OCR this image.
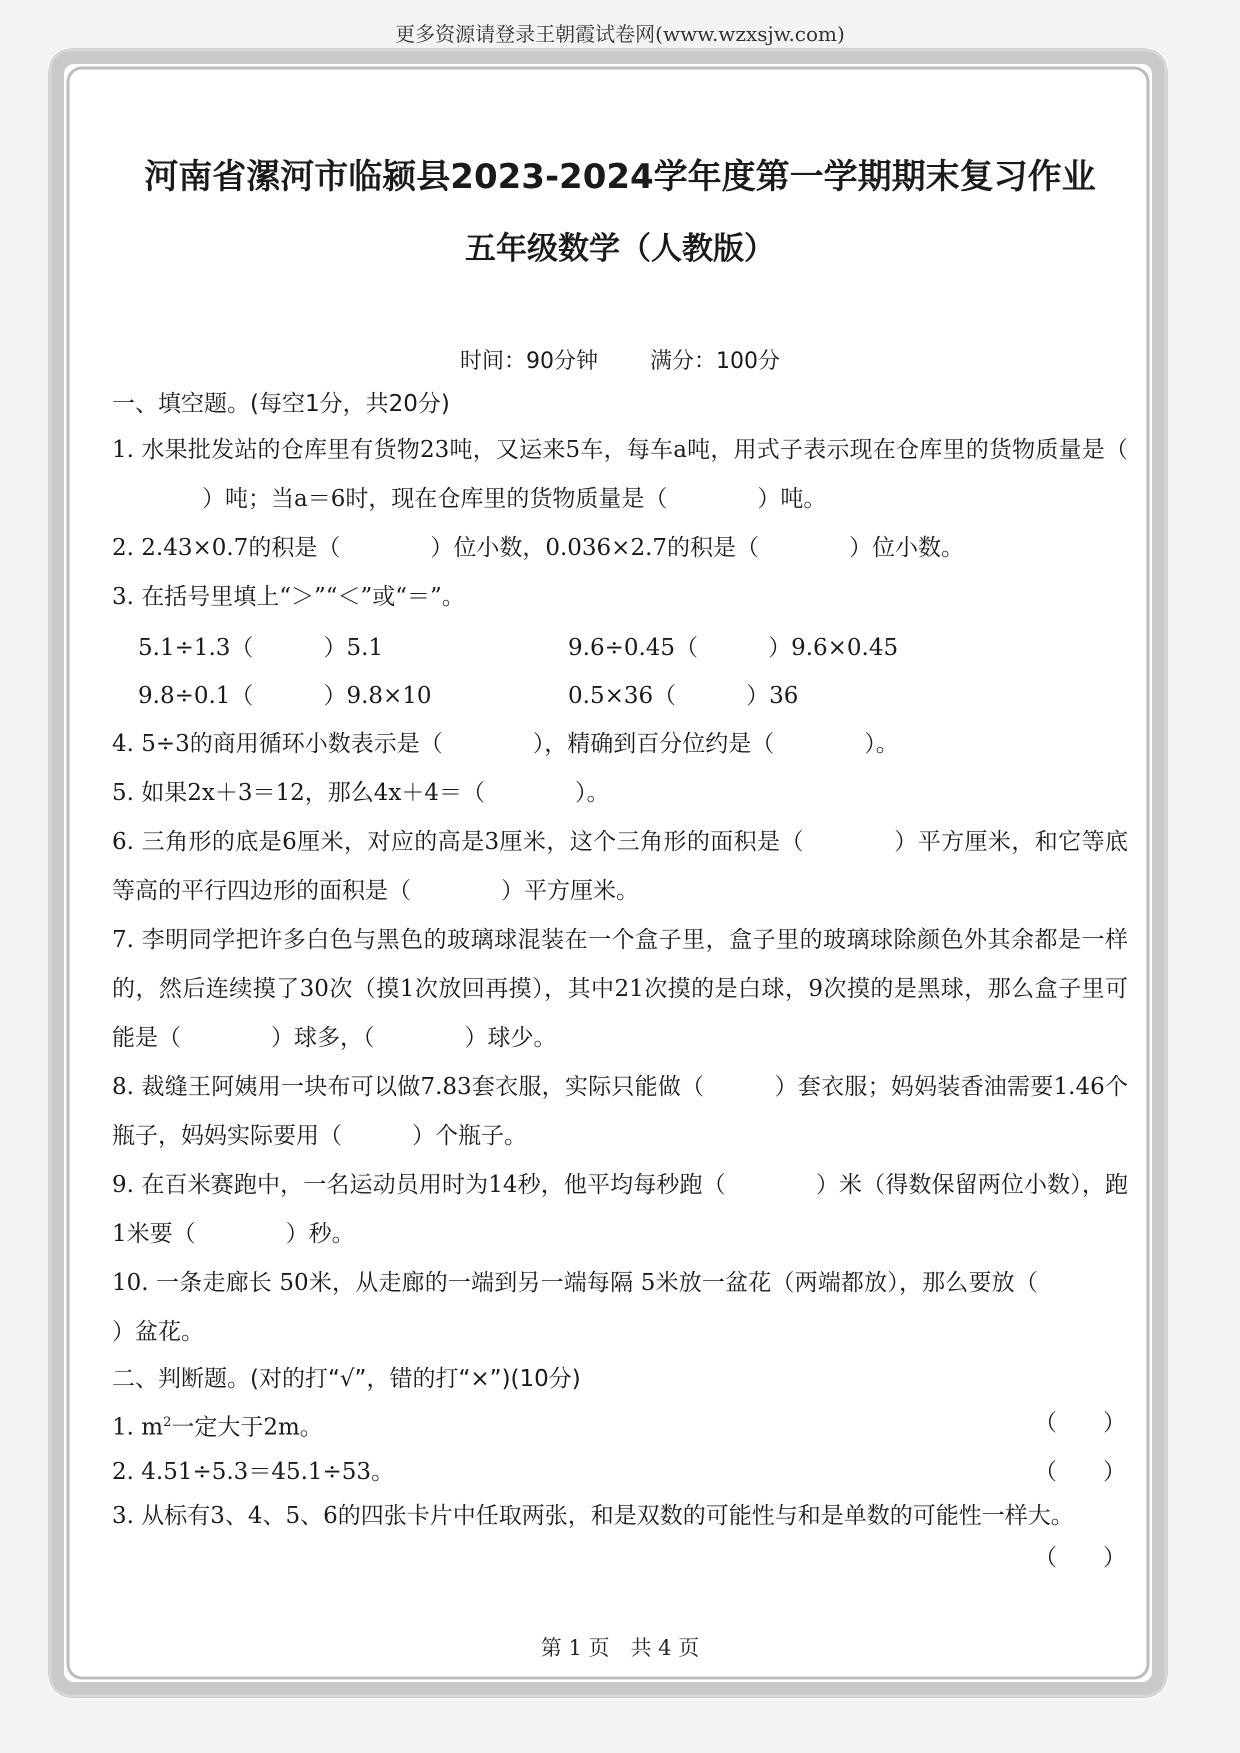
更多资源请登录王朝霞试卷网(www.wzxsjw.com)
河南省漯河市临颍县2023-2024学年度第一学期期末复习作业
五年级数学（人教版）
时间：90分钟 满分：100分

一、填空题。(每空1分，共20分)

1. 水果批发站的仓库里有货物23吨，又运来5车，每车a吨，用式子表示现在仓库里的货物质量是（）吨；当a＝6时，现在仓库里的货物质量是（	）吨。

2. 2.43×0.7的积是（	）位小数，0.036×2.7的积是（	）位小数。

3. 在括号里填上“＞”“＜”或“＝”。

5.1÷1.3（	）5.1	9.6÷0.45（	）9.6×0.45
9.8÷0.1（	）9.8×10	0.5×36（	）36

4. 5÷3的商用循环小数表示是（	），精确到百分位约是（	）。

5. 如果2x＋3＝12，那么4x＋4＝（	）。

6. 三角形的底是6厘米，对应的高是3厘米，这个三角形的面积是（	）平方厘米，和它等底等高的平行四边形的面积是（	）平方厘米。

7. 李明同学把许多白色与黑色的玻璃球混装在一个盒子里，盒子里的玻璃球除颜色外其余都是一样的，然后连续摸了30次（摸1次放回再摸），其中21次摸的是白球，9次摸的是黑球，那么盒子里可能是（	）球多，（	）球少。

8. 裁缝王阿姨用一块布可以做7.83套衣服，实际只能做（	）套衣服；妈妈装香油需要1.46个瓶子，妈妈实际要用（	）个瓶子。

9. 在百米赛跑中，一名运动员用时为14秒，他平均每秒跑（	）米（得数保留两位小数），跑1米要（	）秒。

10. 一条走廊长 50米，从走廊的一端到另一端每隔 5米放一盆花（两端都放），那么要放（）盆花。

二、判断题。(对的打“√”，错的打“×”)(10分)

1. $m^2$一定大于2m。	（　　）
2. 4.51÷5.3＝45.1÷53。	（　　）

3. 从标有3、4、5、6的四张卡片中任取两张，和是双数的可能性与和是单数的可能性一样大。

（　　）
第 1 页　共 4 页
